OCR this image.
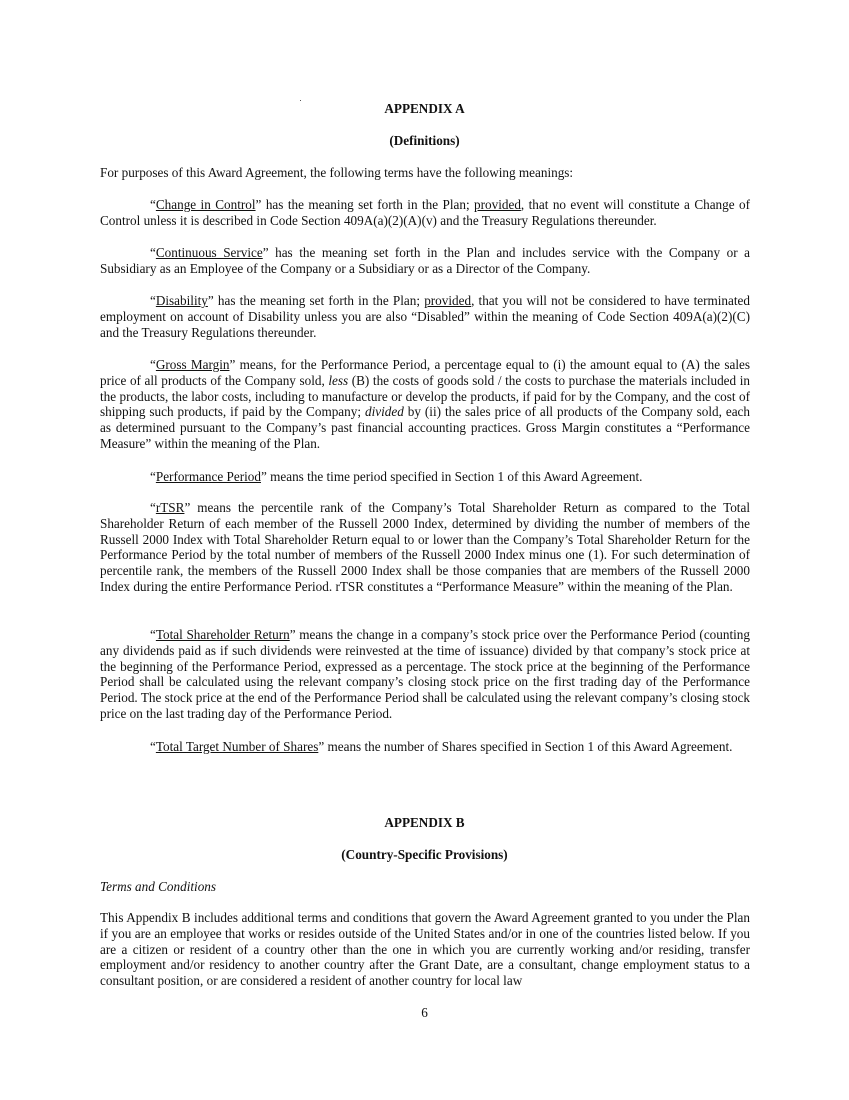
APPENDIX A
(Definitions)

For purposes of this Award Agreement, the following terms have the following meanings:

“Change in Control” has the meaning set forth in the Plan; provided, that no event will constitute a Change of Control unless it is described in Code Section 409A(a)(2)(A)(v) and the Treasury Regulations thereunder.

“Continuous Service” has the meaning set forth in the Plan and includes service with the Company or a Subsidiary as an Employee of the Company or a Subsidiary or as a Director of the Company.

“Disability” has the meaning set forth in the Plan; provided, that you will not be considered to have terminated employment on account of Disability unless you are also “Disabled” within the meaning of Code Section 409A(a)(2)(C) and the Treasury Regulations thereunder.

“Gross Margin” means, for the Performance Period, a percentage equal to (i) the amount equal to (A) the sales price of all products of the Company sold, less (B) the costs of goods sold / the costs to purchase the materials included in the products, the labor costs, including to manufacture or develop the products, if paid for by the Company, and the cost of shipping such products, if paid by the Company; divided by (ii) the sales price of all products of the Company sold, each as determined pursuant to the Company’s past financial accounting practices. Gross Margin constitutes a “Performance Measure” within the meaning of the Plan.

“Performance Period” means the time period specified in Section 1 of this Award Agreement.

“rTSR” means the percentile rank of the Company’s Total Shareholder Return as compared to the Total Shareholder Return of each member of the Russell 2000 Index, determined by dividing the number of members of the Russell 2000 Index with Total Shareholder Return equal to or lower than the Company’s Total Shareholder Return for the Performance Period by the total number of members of the Russell 2000 Index minus one (1). For such determination of percentile rank, the members of the Russell 2000 Index shall be those companies that are members of the Russell 2000 Index during the entire Performance Period. rTSR constitutes a “Performance Measure” within the meaning of the Plan.

“Total Shareholder Return” means the change in a company’s stock price over the Performance Period (counting any dividends paid as if such dividends were reinvested at the time of issuance) divided by that company’s stock price at the beginning of the Performance Period, expressed as a percentage. The stock price at the beginning of the Performance Period shall be calculated using the relevant company’s closing stock price on the first trading day of the Performance Period. The stock price at the end of the Performance Period shall be calculated using the relevant company’s closing stock price on the last trading day of the Performance Period.

“Total Target Number of Shares” means the number of Shares specified in Section 1 of this Award Agreement.

APPENDIX B
(Country-Specific Provisions)

Terms and Conditions

This Appendix B includes additional terms and conditions that govern the Award Agreement granted to you under the Plan if you are an employee that works or resides outside of the United States and/or in one of the countries listed below. If you are a citizen or resident of a country other than the one in which you are currently working and/or residing, transfer employment and/or residency to another country after the Grant Date, are a consultant, change employment status to a consultant position, or are considered a resident of another country for local law

6
